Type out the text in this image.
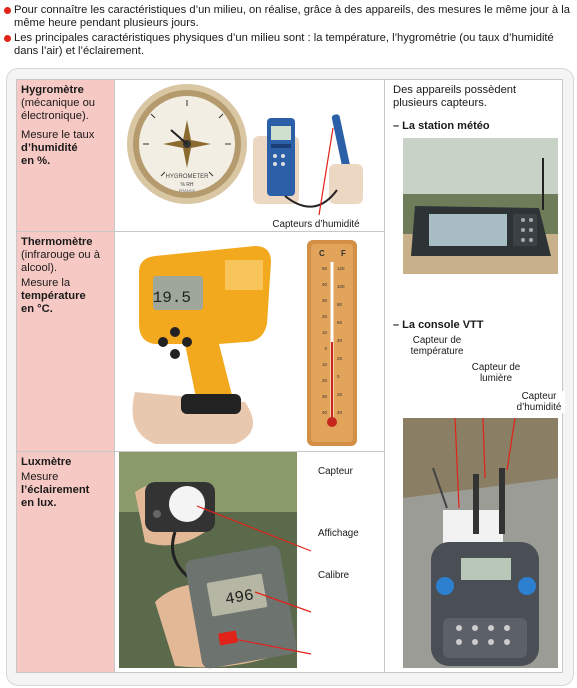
Pour connaître les caractéristiques d’un milieu, on réalise, grâce à des appareils, des mesures le même jour à la même heure pendant plusieurs jours.

Les principales caractéristiques physiques d’un milieu sont : la température, l’hygrométrie (ou taux d’humidité dans l’air) et l’éclairement.

Hygromètre
(mécanique ou électronique).
Mesure le taux
d’humidité
en %.
HYGROMETER
% RH
FRANCE
Thermomètre
(infrarouge ou à alcool).
Mesure la
température
en °C.
19.5
C F
50
40
30
20
10
0
10
20
30
40
120
100
80
60
40
20
0
20
40
Luxmètre
Mesure
l’éclairement
en lux.
496
Des appareils possèdent plusieurs capteurs.
– La station météo
– La console VTT
Capteur de température
Capteur de lumière
Capteur d’humidité
Capteurs d’humidité
Capteur
Affichage
Calibre
